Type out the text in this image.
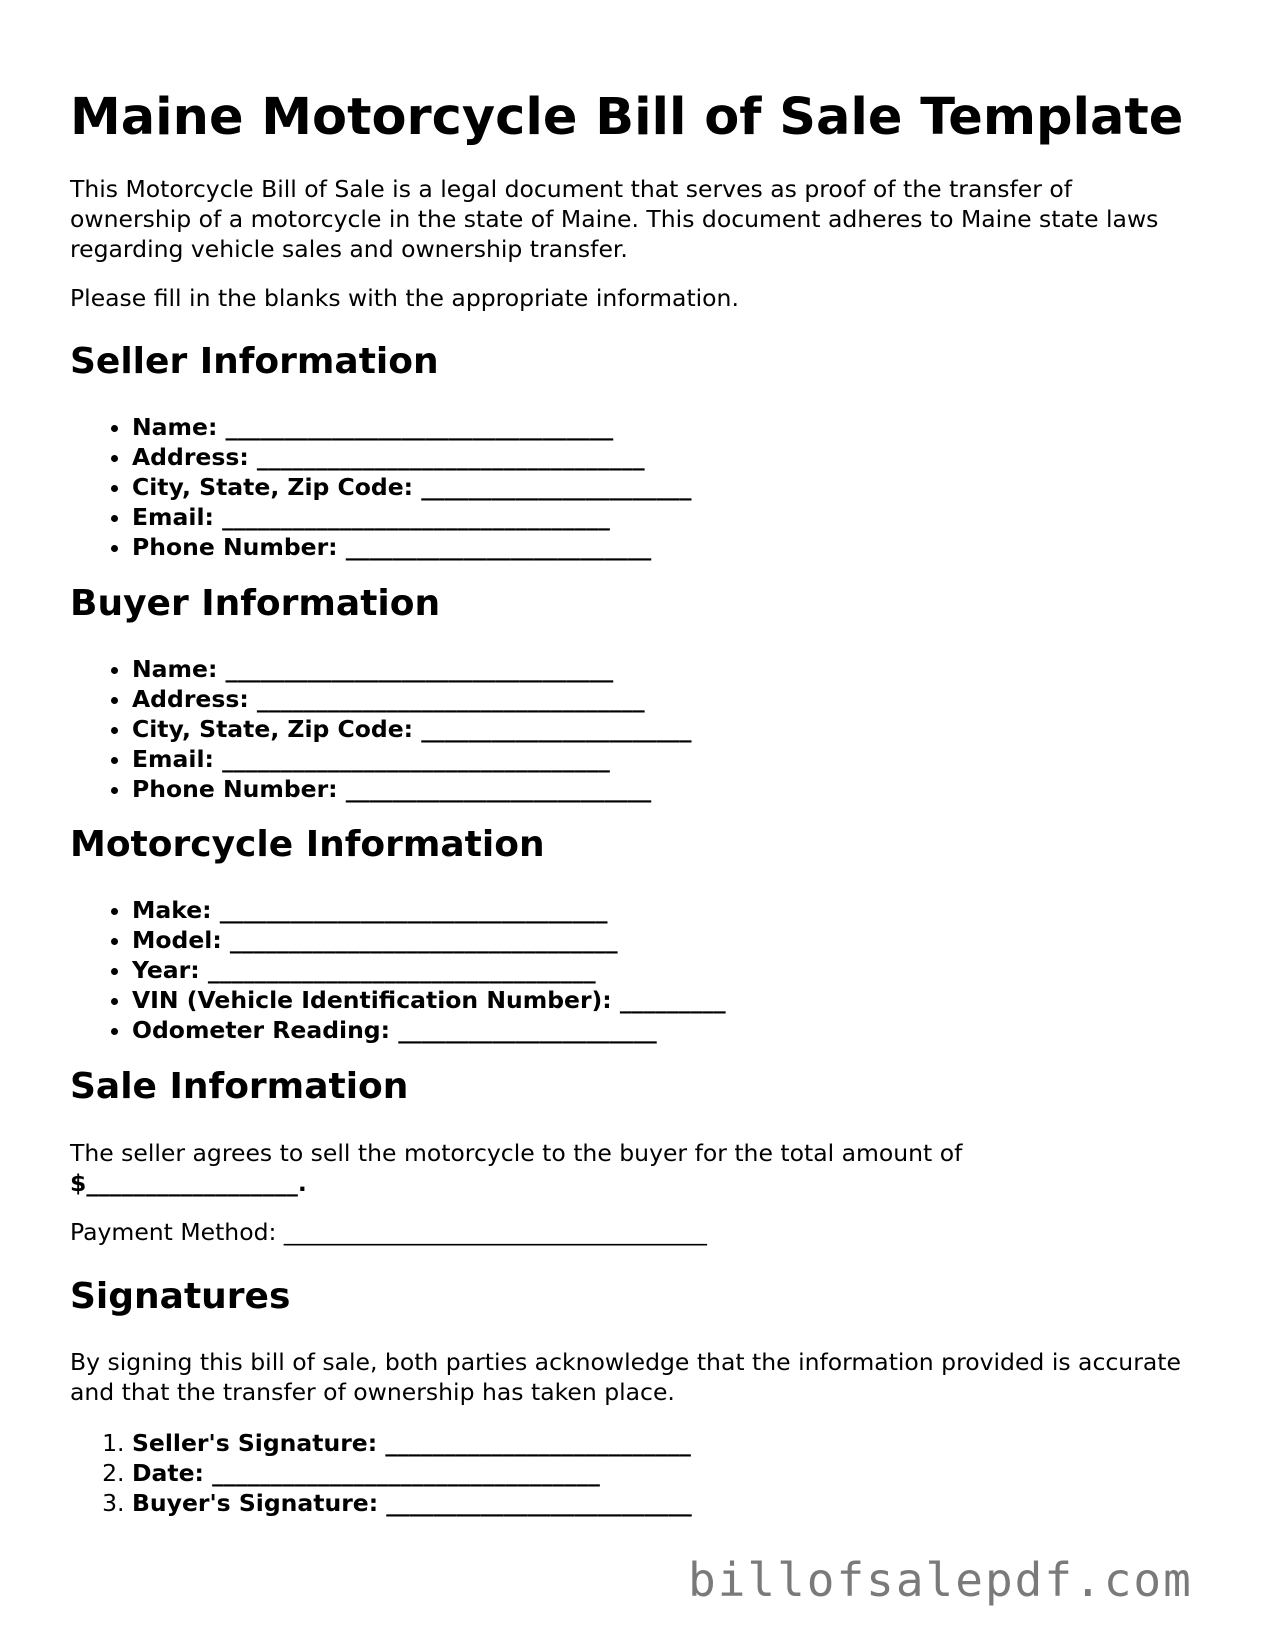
Maine Motorcycle Bill of Sale Template

This Motorcycle Bill of Sale is a legal document that serves as proof of the transfer of ownership of a motorcycle in the state of Maine. This document adheres to Maine state laws regarding vehicle sales and ownership transfer.

Please fill in the blanks with the appropriate information.

Seller Information
• Name: _________________________________
• Address: _________________________________
• City, State, Zip Code: _______________________
• Email: _________________________________
• Phone Number: __________________________
Buyer Information
• Name: _________________________________
• Address: _________________________________
• City, State, Zip Code: _______________________
• Email: _________________________________
• Phone Number: __________________________
Motorcycle Information
• Make: _________________________________
• Model: _________________________________
• Year: _________________________________
• VIN (Vehicle Identification Number): _________
• Odometer Reading: ______________________
Sale Information

The seller agrees to sell the motorcycle to the buyer for the total amount of
$__________________.

Payment Method: ____________________________________

Signatures

By signing this bill of sale, both parties acknowledge that the information provided is accurate and that the transfer of ownership has taken place.

1. Seller's Signature: __________________________
2. Date: _________________________________
3. Buyer's Signature: __________________________
billofsalepdf.com
